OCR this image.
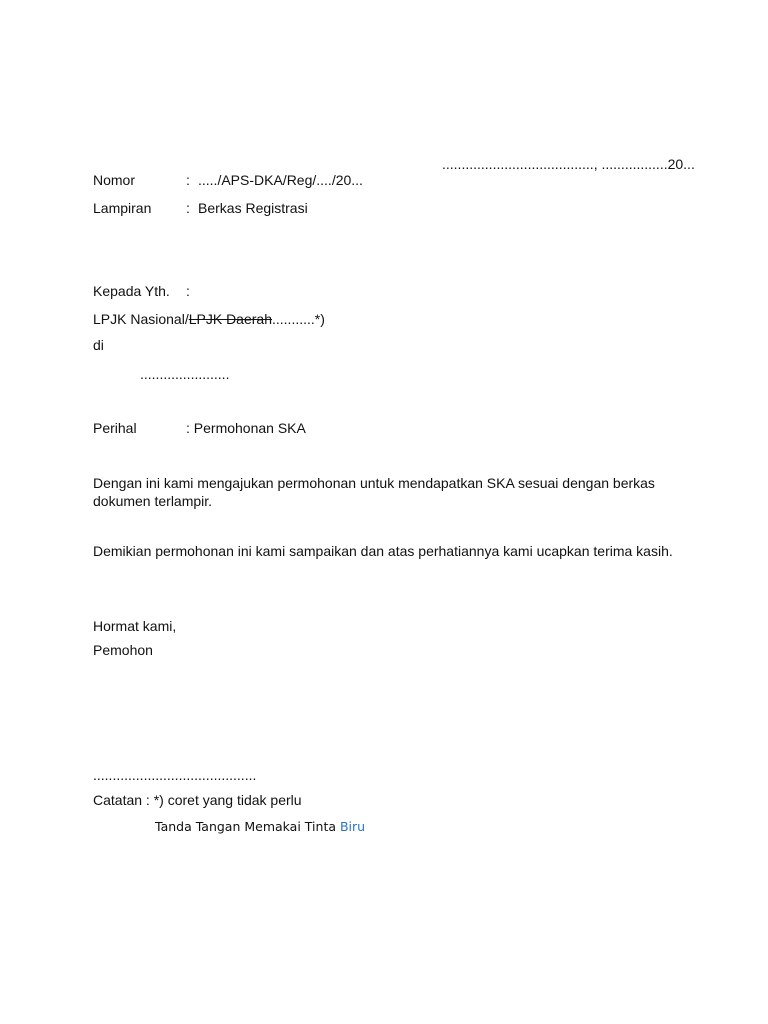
......................................., .................20...
Nomor	: ...../APS-DKA/Reg/..../20...
Lampiran : Berkas Registrasi
Kepada Yth. :
LPJK Nasional/LPJK Daerah...........*)
di
.......................
Perihal	: Permohonan SKA
Dengan ini kami mengajukan permohonan untuk mendapatkan SKA sesuai dengan berkas dokumen terlampir.
Demikian permohonan ini kami sampaikan dan atas perhatiannya kami ucapkan terima kasih.
Hormat kami,
Pemohon
..........................................
Catatan : *) coret yang tidak perlu
Tanda Tangan Memakai Tinta Biru
